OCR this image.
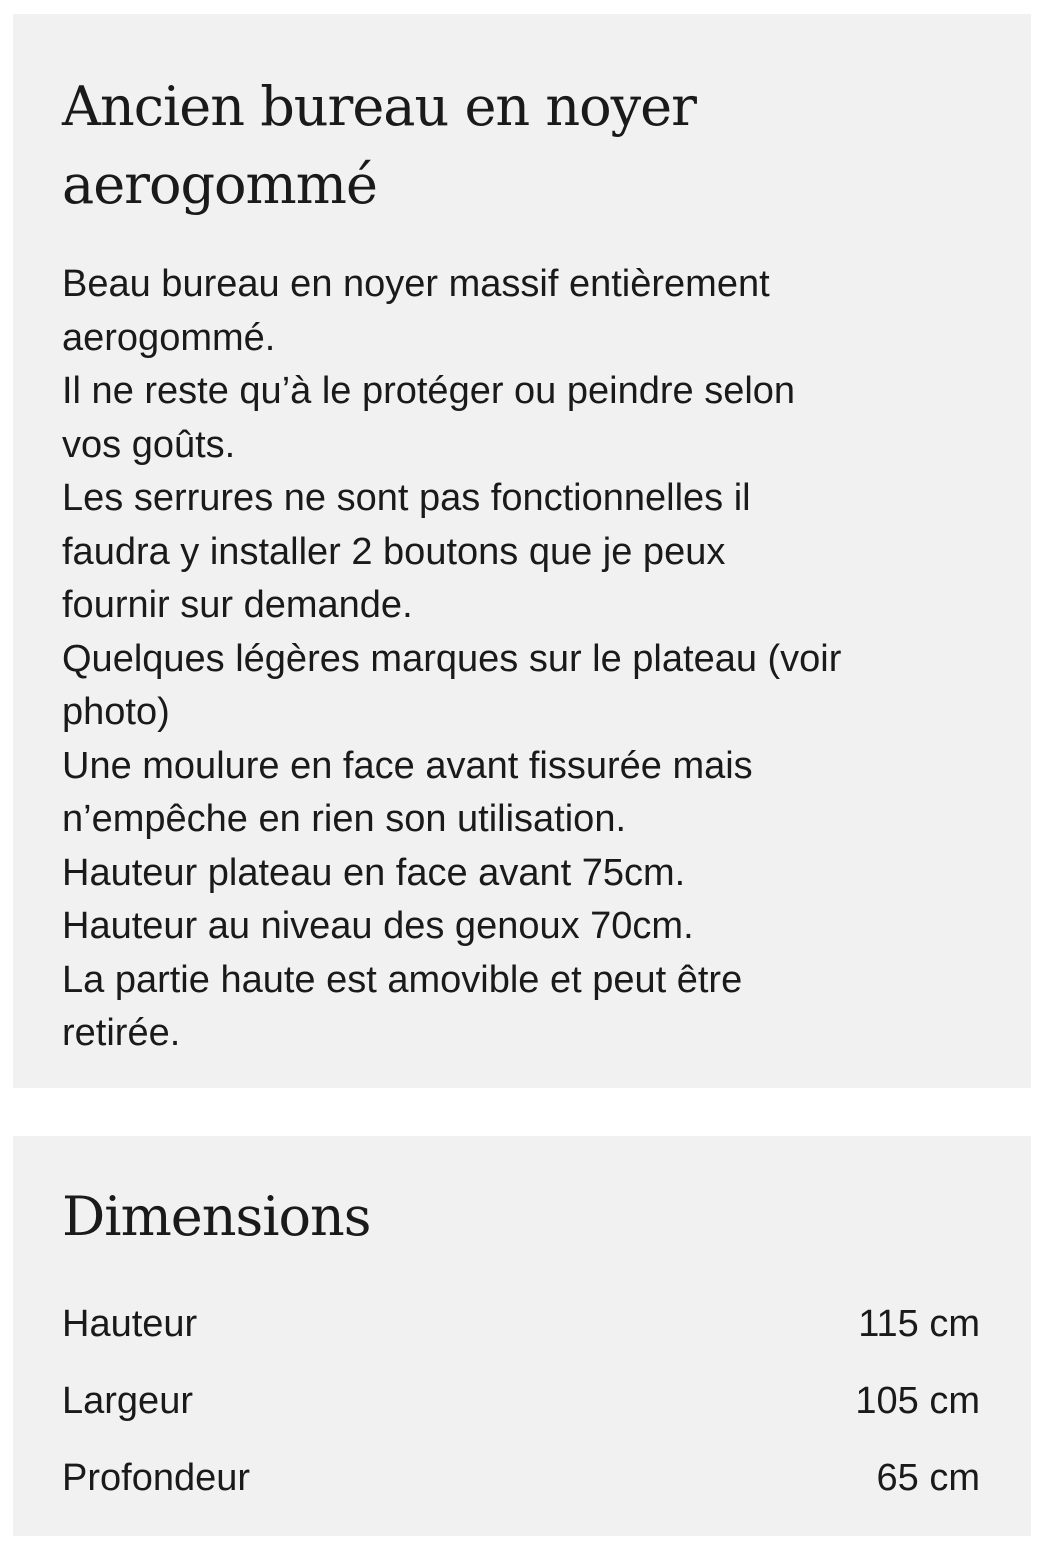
Ancien bureau en noyer
aerogommé
Beau bureau en noyer massif entièrement
aerogommé.
Il ne reste qu’à le protéger ou peindre selon
vos goûts.
Les serrures ne sont pas fonctionnelles il
faudra y installer 2 boutons que je peux
fournir sur demande.
Quelques légères marques sur le plateau (voir
photo)
Une moulure en face avant fissurée mais
n’empêche en rien son utilisation.
Hauteur plateau en face avant 75cm.
Hauteur au niveau des genoux 70cm.
La partie haute est amovible et peut être
retirée.
Dimensions
Hauteur	115 cm
Largeur	105 cm
Profondeur	65 cm
